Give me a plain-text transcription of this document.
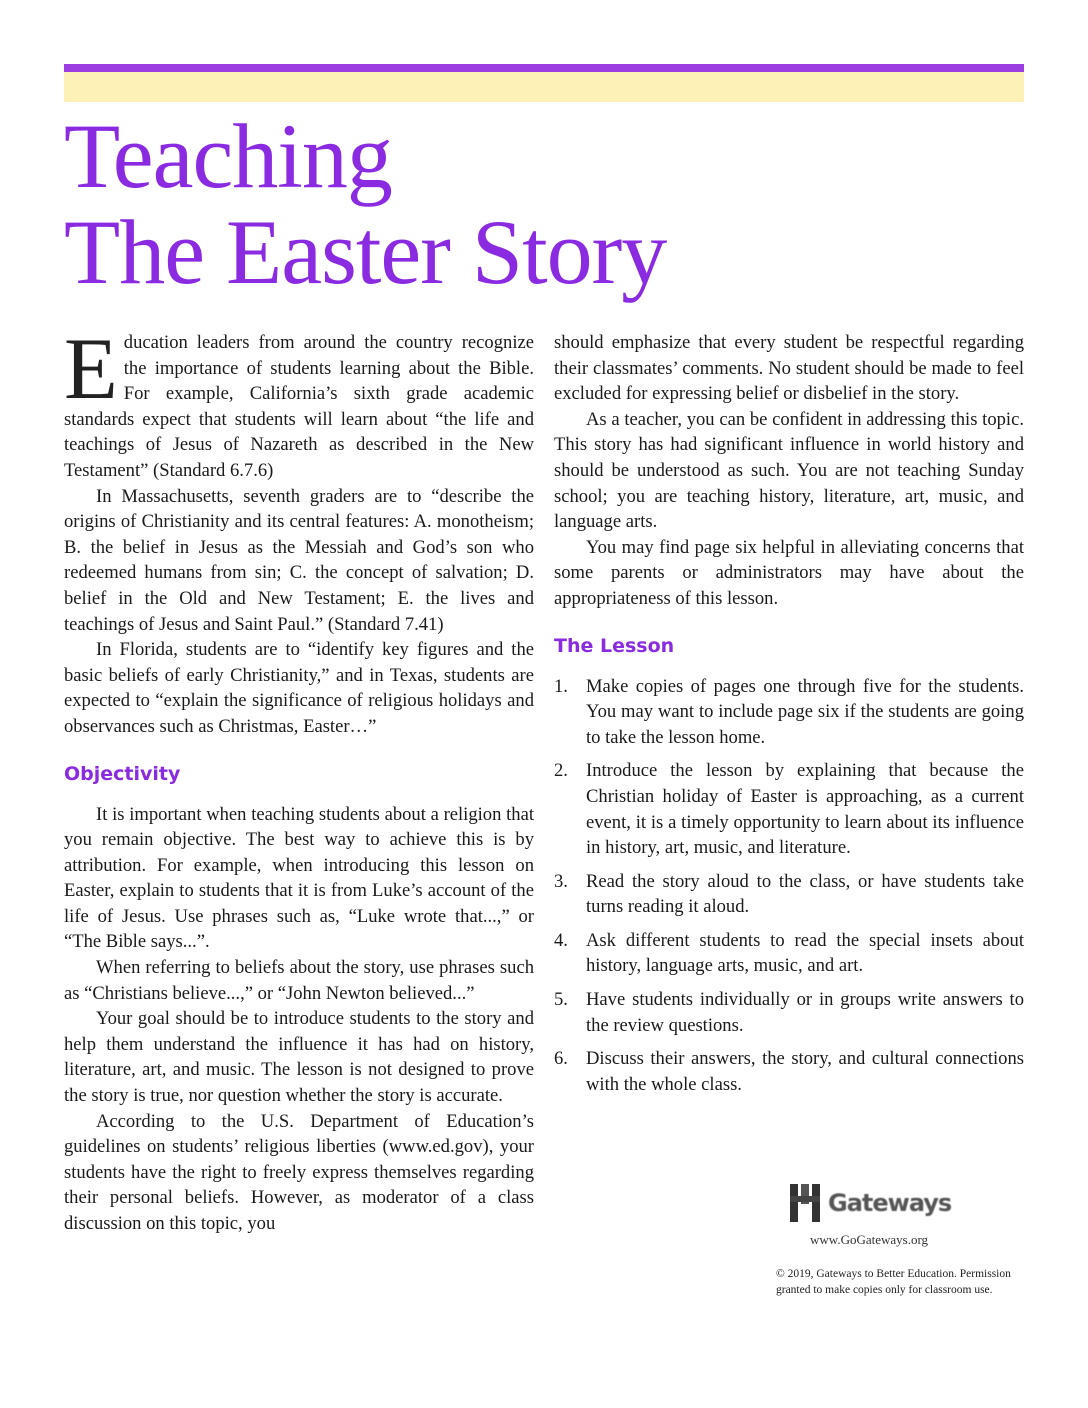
Teaching
The Easter Story

Education leaders from around the country recognize the importance of students learning about the Bible. For example, California’s sixth grade academic standards expect that students will learn about “the life and teachings of Jesus of Nazareth as described in the New Testament” (Standard 6.7.6)

In Massachusetts, seventh graders are to “describe the origins of Christianity and its central features: A. monotheism; B. the belief in Jesus as the Messiah and God’s son who redeemed humans from sin; C. the concept of salvation; D. belief in the Old and New Testament; E. the lives and teachings of Jesus and Saint Paul.” (Standard 7.41)

In Florida, students are to “identify key figures and the basic beliefs of early Christianity,” and in Texas, students are expected to “explain the significance of religious holidays and observances such as Christmas, Easter…”

Objectivity

It is important when teaching students about a religion that you remain objective. The best way to achieve this is by attribution. For example, when introducing this lesson on Easter, explain to students that it is from Luke’s account of the life of Jesus. Use phrases such as, “Luke wrote that...,” or “The Bible says...”.

When referring to beliefs about the story, use phrases such as “Christians believe...,” or “John Newton believed...”

Your goal should be to introduce students to the story and help them understand the influence it has had on history, literature, art, and music. The lesson is not designed to prove the story is true, nor question whether the story is accurate.

According to the U.S. Department of Education’s guidelines on students’ religious liberties (www.ed.gov), your students have the right to freely express themselves regarding their personal beliefs. However, as moderator of a class discussion on this topic, you

should emphasize that every student be respectful regarding their classmates’ comments. No student should be made to feel excluded for expressing belief or disbelief in the story.

As a teacher, you can be confident in addressing this topic. This story has had significant influence in world history and should be understood as such. You are not teaching Sunday school; you are teaching history, literature, art, music, and language arts.

You may find page six helpful in alleviating concerns that some parents or administrators may have about the appropriateness of this lesson.

The Lesson
1. Make copies of pages one through five for the students. You may want to include page six if the students are going to take the lesson home.
2. Introduce the lesson by explaining that because the Christian holiday of Easter is approaching, as a current event, it is a timely opportunity to learn about its influence in history, art, music, and literature.
3. Read the story aloud to the class, or have students take turns reading it aloud.
4. Ask different students to read the special insets about history, language arts, music, and art.
5. Have students individually or in groups write answers to the review questions.
6. Discuss their answers, the story, and cultural connections with the whole class.
Gateways
www.GoGateways.org
© 2019, Gateways to Better Education. Permission granted to make copies only for classroom use.
